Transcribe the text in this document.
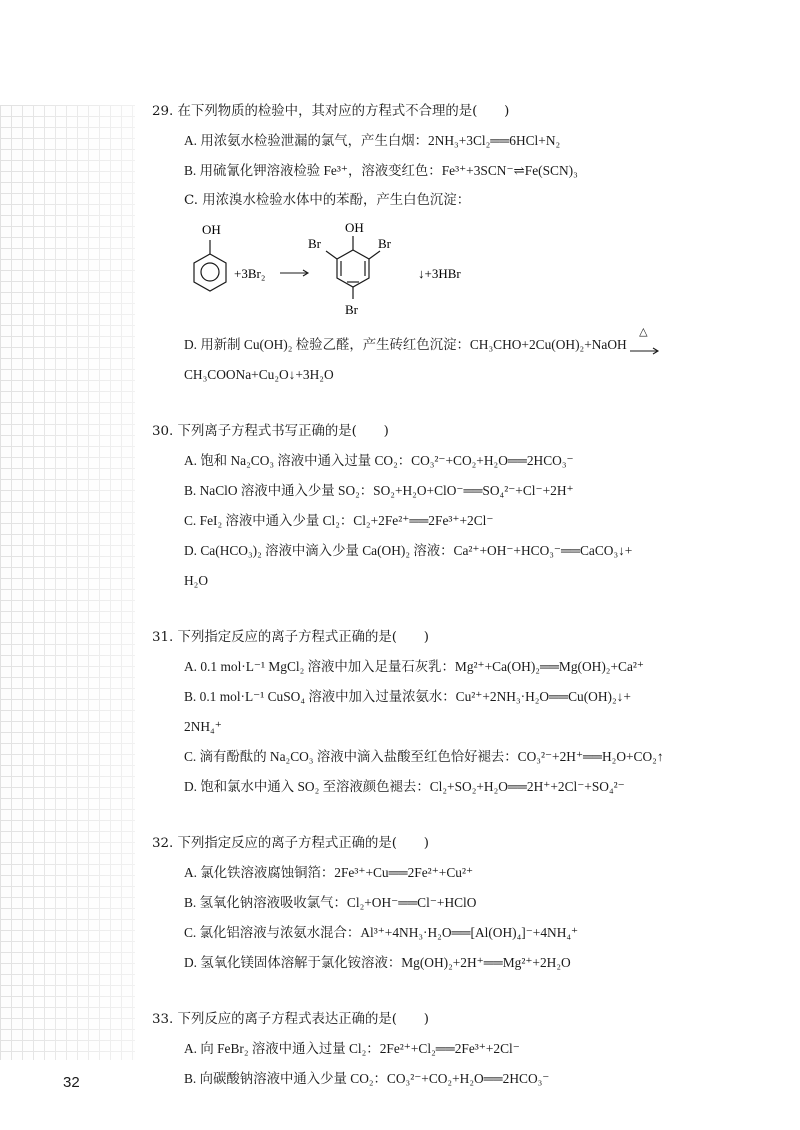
29. 在下列物质的检验中，其对应的方程式不合理的是(　　)

A. 用浓氨水检验泄漏的氯气，产生白烟：2NH₃+3Cl₂══6HCl+N₂

B. 用硫氰化钾溶液检验 Fe³⁺，溶液变红色：Fe³⁺+3SCN⁻⇌Fe(SCN)₃

C. 用浓溴水检验水体中的苯酚，产生白色沉淀：

OH
+3Br₂
OH
Br	Br
Br
↓+3HBr

D. 用新制 Cu(OH)₂ 检验乙醛，产生砖红色沉淀：CH₃CHO+2Cu(OH)₂+NaOH
△

CH₃COONa+Cu₂O↓+3H₂O

30. 下列离子方程式书写正确的是(　　)

A. 饱和 Na₂CO₃ 溶液中通入过量 CO₂：CO₃²⁻+CO₂+H₂O══2HCO₃⁻

B. NaClO 溶液中通入少量 SO₂：SO₂+H₂O+ClO⁻══SO₄²⁻+Cl⁻+2H⁺

C. FeI₂ 溶液中通入少量 Cl₂：Cl₂+2Fe²⁺══2Fe³⁺+2Cl⁻

D. Ca(HCO₃)₂ 溶液中滴入少量 Ca(OH)₂ 溶液：Ca²⁺+OH⁻+HCO₃⁻══CaCO₃↓+

H₂O

31. 下列指定反应的离子方程式正确的是(　　)

A. 0.1 mol·L⁻¹ MgCl₂ 溶液中加入足量石灰乳：Mg²⁺+Ca(OH)₂══Mg(OH)₂+Ca²⁺

B. 0.1 mol·L⁻¹ CuSO₄ 溶液中加入过量浓氨水：Cu²⁺+2NH₃·H₂O══Cu(OH)₂↓+

2NH₄⁺

C. 滴有酚酞的 Na₂CO₃ 溶液中滴入盐酸至红色恰好褪去：CO₃²⁻+2H⁺══H₂O+CO₂↑

D. 饱和氯水中通入 SO₂ 至溶液颜色褪去：Cl₂+SO₂+H₂O══2H⁺+2Cl⁻+SO₄²⁻

32. 下列指定反应的离子方程式正确的是(　　)

A. 氯化铁溶液腐蚀铜箔：2Fe³⁺+Cu══2Fe²⁺+Cu²⁺

B. 氢氧化钠溶液吸收氯气：Cl₂+OH⁻══Cl⁻+HClO

C. 氯化铝溶液与浓氨水混合：Al³⁺+4NH₃·H₂O══[Al(OH)₄]⁻+4NH₄⁺

D. 氢氧化镁固体溶解于氯化铵溶液：Mg(OH)₂+2H⁺══Mg²⁺+2H₂O

33. 下列反应的离子方程式表达正确的是(　　)

A. 向 FeBr₂ 溶液中通入过量 Cl₂：2Fe²⁺+Cl₂══2Fe³⁺+2Cl⁻

B. 向碳酸钠溶液中通入少量 CO₂：CO₃²⁻+CO₂+H₂O══2HCO₃⁻

32
